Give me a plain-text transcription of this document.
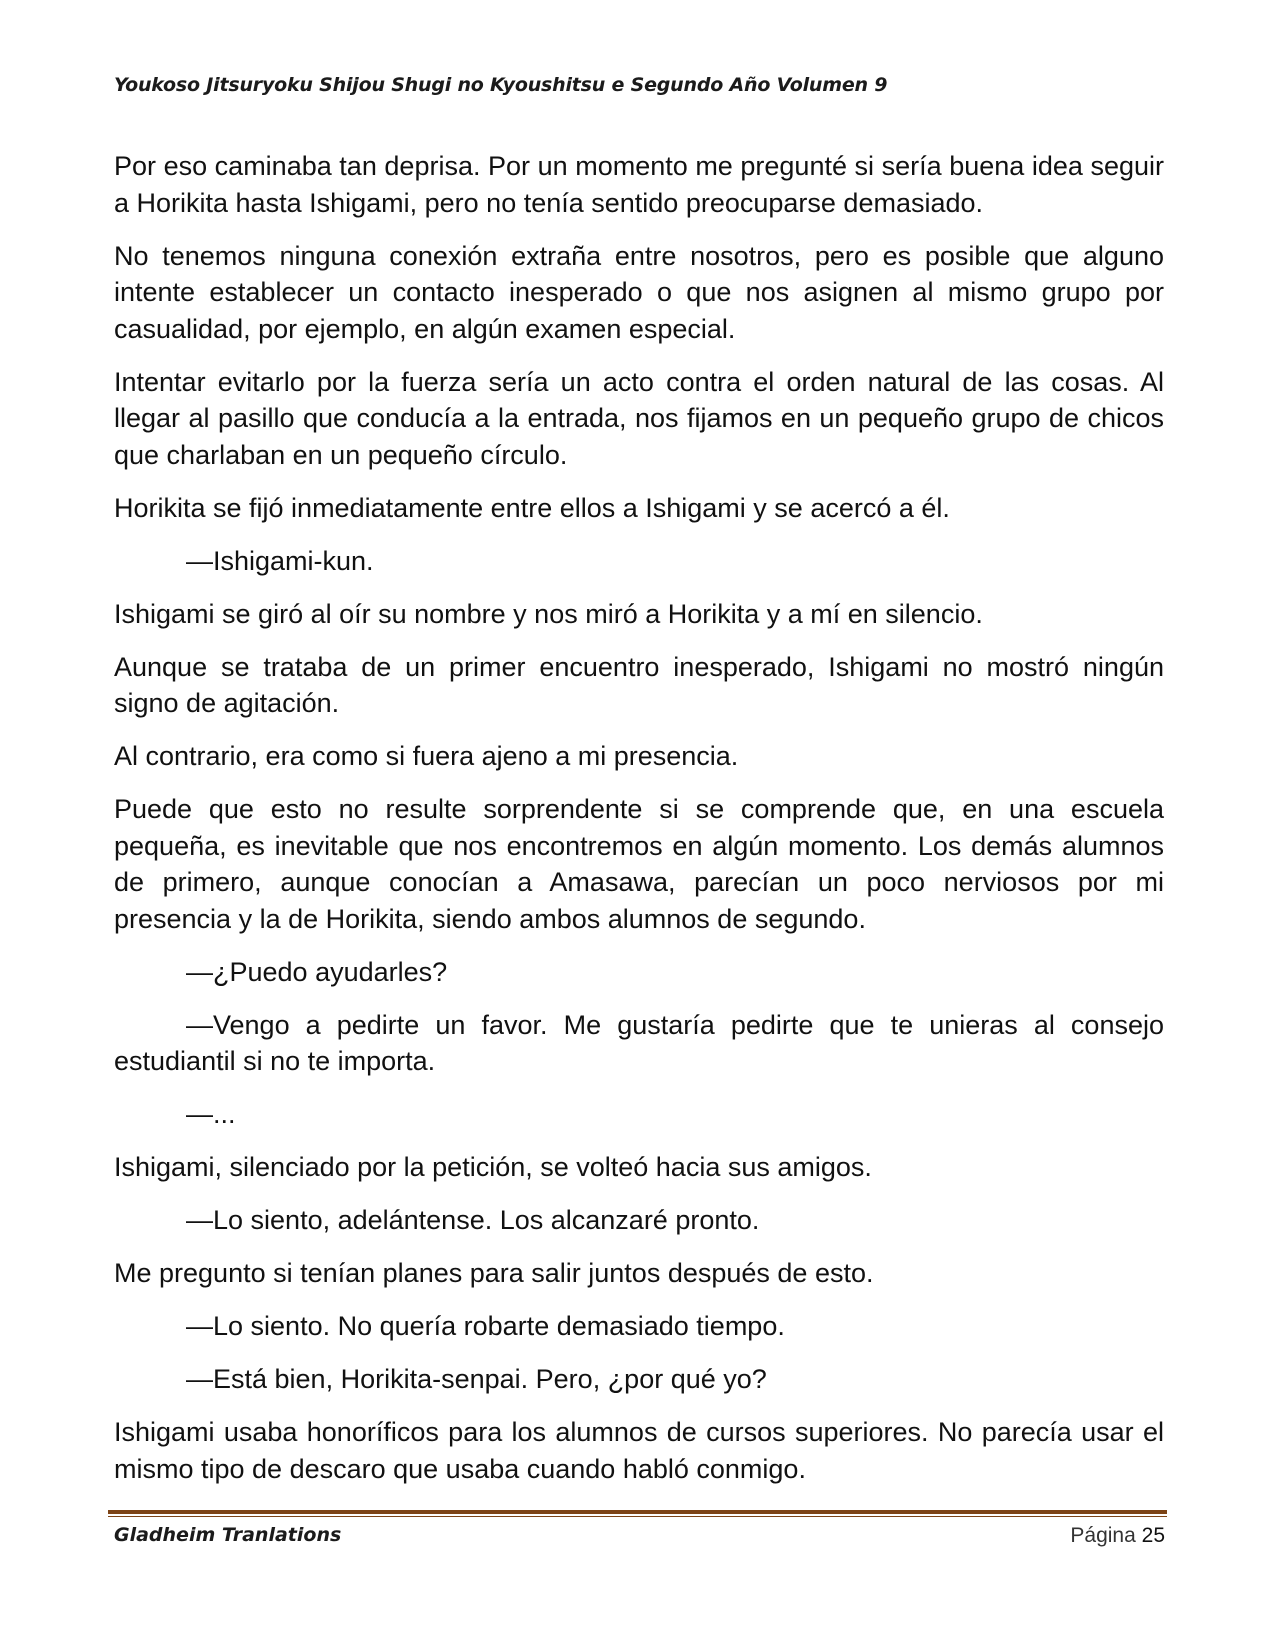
Youkoso Jitsuryoku Shijou Shugi no Kyoushitsu e Segundo Año Volumen 9

Por eso caminaba tan deprisa. Por un momento me pregunté si sería buena idea seguir a Horikita hasta Ishigami, pero no tenía sentido preocuparse demasiado.

No tenemos ninguna conexión extraña entre nosotros, pero es posible que alguno intente establecer un contacto inesperado o que nos asignen al mismo grupo por casualidad, por ejemplo, en algún examen especial.

Intentar evitarlo por la fuerza sería un acto contra el orden natural de las cosas. Al llegar al pasillo que conducía a la entrada, nos fijamos en un pequeño grupo de chicos que charlaban en un pequeño círculo.

Horikita se fijó inmediatamente entre ellos a Ishigami y se acercó a él.

—Ishigami-kun.

Ishigami se giró al oír su nombre y nos miró a Horikita y a mí en silencio.

Aunque se trataba de un primer encuentro inesperado, Ishigami no mostró ningún signo de agitación.

Al contrario, era como si fuera ajeno a mi presencia.

Puede que esto no resulte sorprendente si se comprende que, en una escuela pequeña, es inevitable que nos encontremos en algún momento. Los demás alumnos de primero, aunque conocían a Amasawa, parecían un poco nerviosos por mi presencia y la de Horikita, siendo ambos alumnos de segundo.

—¿Puedo ayudarles?

—Vengo a pedirte un favor. Me gustaría pedirte que te unieras al consejo estudiantil si no te importa.

—...

Ishigami, silenciado por la petición, se volteó hacia sus amigos.

—Lo siento, adelántense. Los alcanzaré pronto.

Me pregunto si tenían planes para salir juntos después de esto.

—Lo siento. No quería robarte demasiado tiempo.

—Está bien, Horikita-senpai. Pero, ¿por qué yo?

Ishigami usaba honoríficos para los alumnos de cursos superiores. No parecía usar el mismo tipo de descaro que usaba cuando habló conmigo.

Gladheim Tranlations	Página 25
